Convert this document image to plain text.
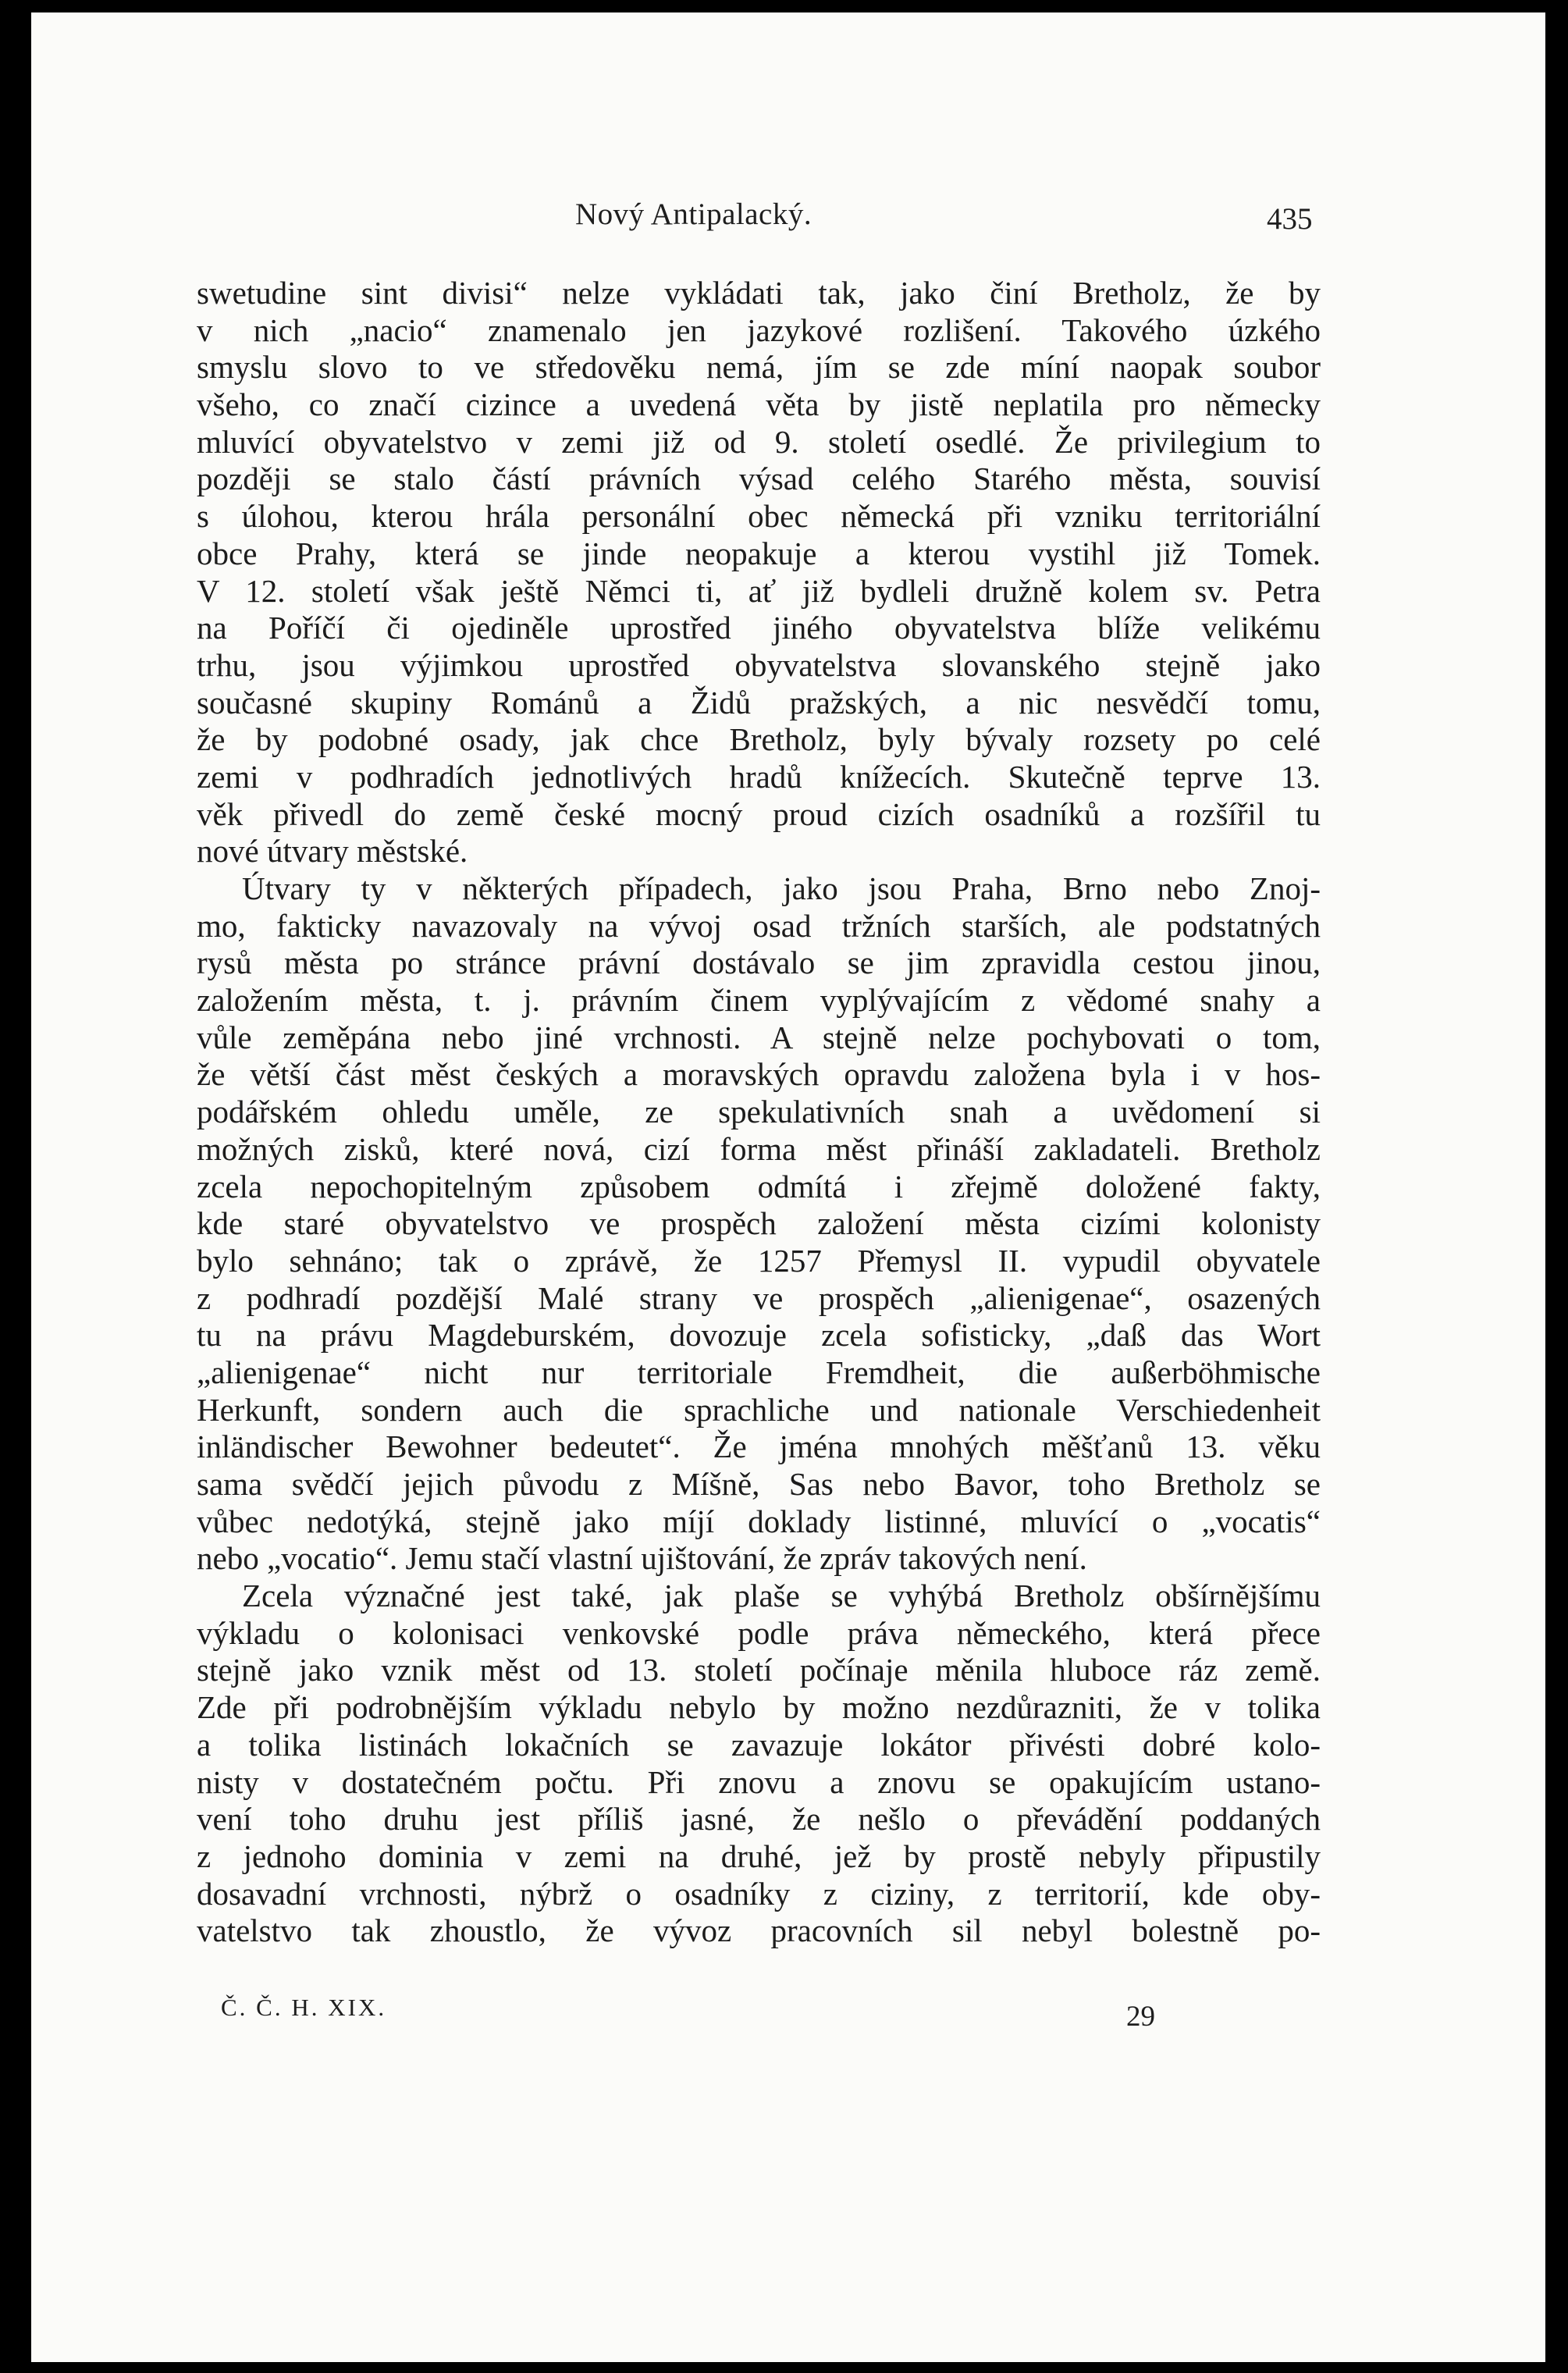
Nový Antipalacký.	435
swetudine sint divisi“ nelze vykládati tak, jako činí Bretholz, že by
v nich „nacio“ znamenalo jen jazykové rozlišení. Takového úzkého
smyslu slovo to ve středověku nemá, jím se zde míní naopak soubor
všeho, co značí cizince a uvedená věta by jistě neplatila pro německy
mluvící obyvatelstvo v zemi již od 9. století osedlé. Že privilegium to
později se stalo částí právních výsad celého Starého města, souvisí
s úlohou, kterou hrála personální obec německá při vzniku territoriální
obce Prahy, která se jinde neopakuje a kterou vystihl již Tomek.
V 12. století však ještě Němci ti, ať již bydleli družně kolem sv. Petra
na Poříčí či ojediněle uprostřed jiného obyvatelstva blíže velikému
trhu, jsou výjimkou uprostřed obyvatelstva slovanského stejně jako
současné skupiny Románů a Židů pražských, a nic nesvědčí tomu,
že by podobné osady, jak chce Bretholz, byly bývaly rozsety po celé
zemi v podhradích jednotlivých hradů knížecích. Skutečně teprve 13.
věk přivedl do země české mocný proud cizích osadníků a rozšířil tu
nové útvary městské.
Útvary ty v některých případech, jako jsou Praha, Brno nebo Znoj-
mo, fakticky navazovaly na vývoj osad tržních starších, ale podstatných
rysů města po stránce právní dostávalo se jim zpravidla cestou jinou,
založením města, t. j. právním činem vyplývajícím z vědomé snahy a
vůle zeměpána nebo jiné vrchnosti. A stejně nelze pochybovati o tom,
že větší část měst českých a moravských opravdu založena byla i v hos-
podářském ohledu uměle, ze spekulativních snah a uvědomení si
možných zisků, které nová, cizí forma měst přináší zakladateli. Bretholz
zcela nepochopitelným způsobem odmítá i zřejmě doložené fakty,
kde staré obyvatelstvo ve prospěch založení města cizími kolonisty
bylo sehnáno; tak o zprávě, že 1257 Přemysl II. vypudil obyvatele
z podhradí pozdější Malé strany ve prospěch „alienigenae“, osazených
tu na právu Magdeburském, dovozuje zcela sofisticky, „daß das Wort
„alienigenae“ nicht nur territoriale Fremdheit, die außerböhmische
Herkunft, sondern auch die sprachliche und nationale Verschiedenheit
inländischer Bewohner bedeutet“. Že jména mnohých měšťanů 13. věku
sama svědčí jejich původu z Míšně, Sas nebo Bavor, toho Bretholz se
vůbec nedotýká, stejně jako míjí doklady listinné, mluvící o „vocatis“
nebo „vocatio“. Jemu stačí vlastní ujištování, že zpráv takových není.
Zcela význačné jest také, jak plaše se vyhýbá Bretholz obšírnějšímu
výkladu o kolonisaci venkovské podle práva německého, která přece
stejně jako vznik měst od 13. století počínaje měnila hluboce ráz země.
Zde při podrobnějším výkladu nebylo by možno nezdůrazniti, že v tolika
a tolika listinách lokačních se zavazuje lokátor přivésti dobré kolo-
nisty v dostatečném počtu. Při znovu a znovu se opakujícím ustano-
vení toho druhu jest příliš jasné, že nešlo o převádění poddaných
z jednoho dominia v zemi na druhé, jež by prostě nebyly připustily
dosavadní vrchnosti, nýbrž o osadníky z ciziny, z territorií, kde oby-
vatelstvo tak zhoustlo, že vývoz pracovních sil nebyl bolestně po-
Č. Č. H. XIX.	29
